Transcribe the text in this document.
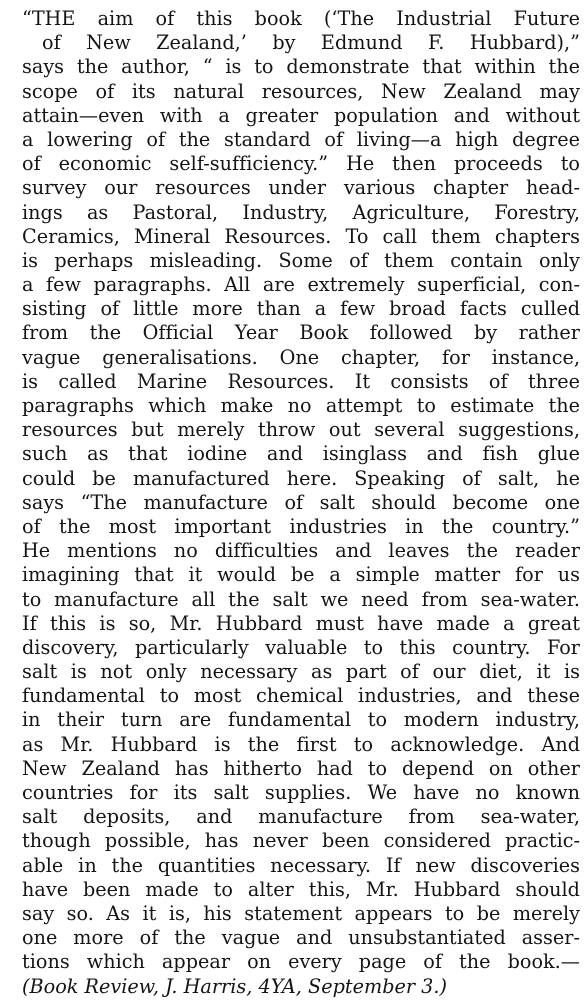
“THE aim of this book (‘The Industrial Future
of New Zealand,’ by Edmund F. Hubbard),”
says the author, “ is to demonstrate that within the
scope of its natural resources, New Zealand may
attain—even with a greater population and without
a lowering of the standard of living—a high degree
of economic self-sufficiency.” He then proceeds to
survey our resources under various chapter head-
ings as Pastoral, Industry, Agriculture, Forestry,
Ceramics, Mineral Resources. To call them chapters
is perhaps misleading. Some of them contain only
a few paragraphs. All are extremely superficial, con-
sisting of little more than a few broad facts culled
from the Official Year Book followed by rather
vague generalisations. One chapter, for instance,
is called Marine Resources. It consists of three
paragraphs which make no attempt to estimate the
resources but merely throw out several suggestions,
such as that iodine and isinglass and fish glue
could be manufactured here. Speaking of salt, he
says “The manufacture of salt should become one
of the most important industries in the country.”
He mentions no difficulties and leaves the reader
imagining that it would be a simple matter for us
to manufacture all the salt we need from sea-water.
If this is so, Mr. Hubbard must have made a great
discovery, particularly valuable to this country. For
salt is not only necessary as part of our diet, it is
fundamental to most chemical industries, and these
in their turn are fundamental to modern industry,
as Mr. Hubbard is the first to acknowledge. And
New Zealand has hitherto had to depend on other
countries for its salt supplies. We have no known
salt deposits, and manufacture from sea-water,
though possible, has never been considered practic-
able in the quantities necessary. If new discoveries
have been made to alter this, Mr. Hubbard should
say so. As it is, his statement appears to be merely
one more of the vague and unsubstantiated asser-
tions which appear on every page of the book.—
(Book Review, J. Harris, 4YA, September 3.)
